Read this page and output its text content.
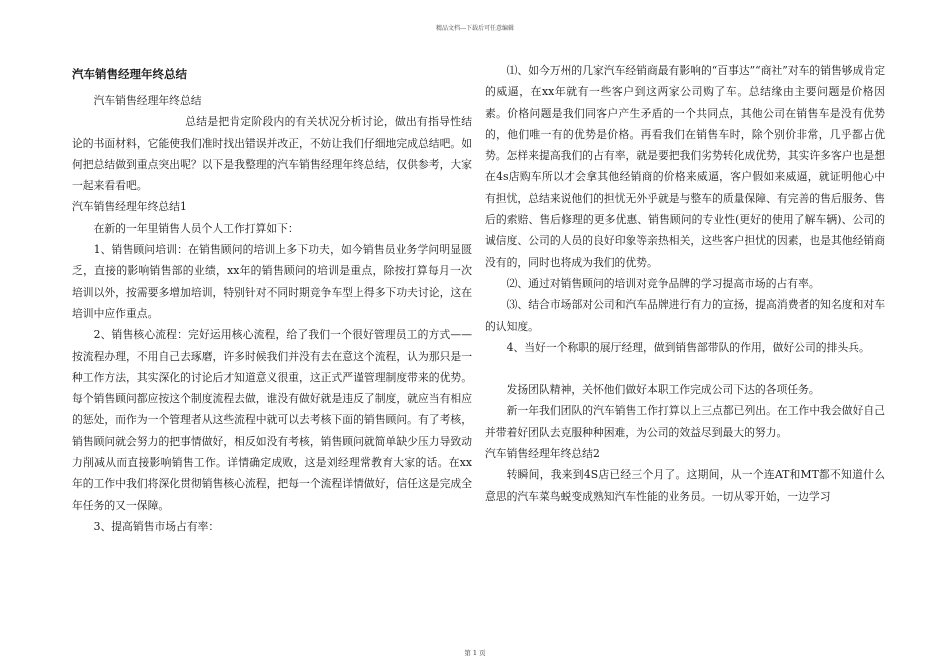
精品文档---下载后可任意编辑

汽车销售经理年终总结

汽车销售经理年终总结

总结是把肯定阶段内的有关状况分析讨论，做出有指导性结论的书面材料，它能使我们准时找出错误并改正，不妨让我们仔细地完成总结吧。如何把总结做到重点突出呢？以下是我整理的汽车销售经理年终总结，仅供参考，大家一起来看看吧。

汽车销售经理年终总结1

在新的一年里销售人员个人工作打算如下：

1、销售顾问培训：在销售顾问的培训上多下功夫，如今销售员业务学问明显匮乏，直接的影响销售部的业绩，xx年的销售顾问的培训是重点，除按打算每月一次培训以外，按需要多增加培训，特别针对不同时期竞争车型上得多下功夫讨论，这在培训中应作重点。

2、销售核心流程：完好运用核心流程，给了我们一个很好管理员工的方式——按流程办理，不用自己去琢磨，许多时候我们并没有去在意这个流程，认为那只是一种工作方法，其实深化的讨论后才知道意义很重，这正式严谨管理制度带来的优势。每个销售顾问都应按这个制度流程去做，谁没有做好就是违反了制度，就应当有相应的惩处，而作为一个管理者从这些流程中就可以去考核下面的销售顾问。有了考核，销售顾问就会努力的把事情做好，相反如没有考核，销售顾问就简单缺少压力导致动力削减从而直接影响销售工作。详情确定成败，这是刘经理常教育大家的话。在xx年的工作中我们将深化贯彻销售核心流程，把每一个流程详情做好，信任这是完成全年任务的又一保障。

3、提高销售市场占有率：

⑴、如今万州的几家汽车经销商最有影响的“百事达”“商社”对车的销售够成肯定的威逼，在xx年就有一些客户到这两家公司购了车。总结缘由主要问题是价格因素。价格问题是我们同客户产生矛盾的一个共同点，其他公司在销售车是没有优势的，他们唯一有的优势是价格。再看我们在销售车时，除个别价非常，几乎都占优势。怎样来提高我们的占有率，就是要把我们劣势转化成优势，其实许多客户也是想在4s店购车所以才会拿其他经销商的价格来威逼，客户假如来威逼，就证明他心中有担忧，总结来说他们的担忧无外乎就是与整车的质量保障、有完善的售后服务、售后的索赔、售后修理的更多优惠、销售顾问的专业性(更好的使用了解车辆)、公司的诚信度、公司的人员的良好印象等亲热相关，这些客户担忧的因素，也是其他经销商没有的，同时也将成为我们的优势。

⑵、通过对销售顾问的培训对竞争品牌的学习提高市场的占有率。

⑶、结合市场部对公司和汽车品牌进行有力的宣扬，提高消费者的知名度和对车的认知度。

4、当好一个称职的展厅经理，做到销售部带队的作用，做好公司的排头兵。

发扬团队精神，关怀他们做好本职工作完成公司下达的各项任务。

新一年我们团队的汽车销售工作打算以上三点都已列出。在工作中我会做好自己并带着好团队去克服种种困难，为公司的效益尽到最大的努力。

汽车销售经理年终总结2

转瞬间，我来到4S店已经三个月了。这期间，从一个连AT和MT都不知道什么意思的汽车菜鸟蜕变成熟知汽车性能的业务员。一切从零开始，一边学习

第 1 页
